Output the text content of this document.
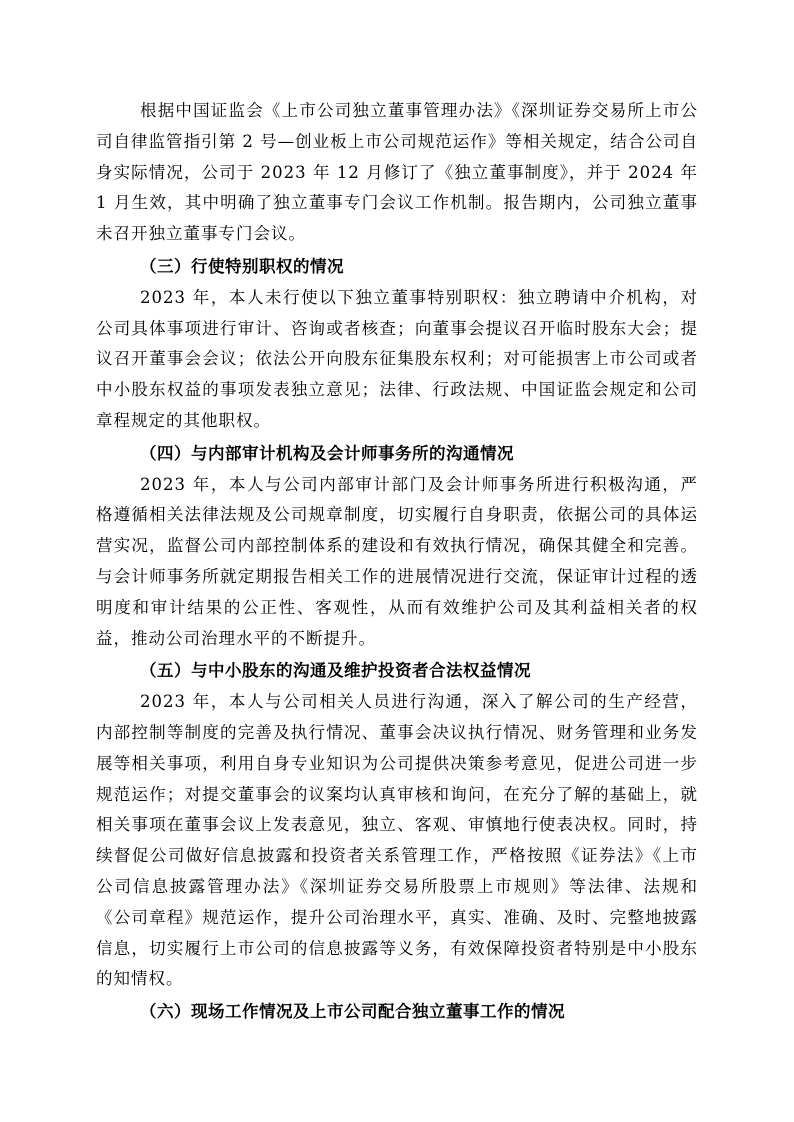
根据中国证监会《上市公司独立董事管理办法》《深圳证券交易所上市公司自律监管指引第 2 号—创业板上市公司规范运作》等相关规定，结合公司自身实际情况，公司于 2023 年 12 月修订了《独立董事制度》，并于 2024 年 1 月生效，其中明确了独立董事专门会议工作机制。报告期内，公司独立董事未召开独立董事专门会议。

（三）行使特别职权的情况

2023 年，本人未行使以下独立董事特别职权：独立聘请中介机构，对公司具体事项进行审计、咨询或者核查；向董事会提议召开临时股东大会；提议召开董事会会议；依法公开向股东征集股东权利；对可能损害上市公司或者中小股东权益的事项发表独立意见；法律、行政法规、中国证监会规定和公司章程规定的其他职权。

（四）与内部审计机构及会计师事务所的沟通情况

2023 年，本人与公司内部审计部门及会计师事务所进行积极沟通，严格遵循相关法律法规及公司规章制度，切实履行自身职责，依据公司的具体运营实况，监督公司内部控制体系的建设和有效执行情况，确保其健全和完善。与会计师事务所就定期报告相关工作的进展情况进行交流，保证审计过程的透明度和审计结果的公正性、客观性，从而有效维护公司及其利益相关者的权益，推动公司治理水平的不断提升。

（五）与中小股东的沟通及维护投资者合法权益情况

2023 年，本人与公司相关人员进行沟通，深入了解公司的生产经营，内部控制等制度的完善及执行情况、董事会决议执行情况、财务管理和业务发展等相关事项，利用自身专业知识为公司提供决策参考意见，促进公司进一步规范运作；对提交董事会的议案均认真审核和询问，在充分了解的基础上，就相关事项在董事会议上发表意见，独立、客观、审慎地行使表决权。同时，持续督促公司做好信息披露和投资者关系管理工作，严格按照《证券法》《上市公司信息披露管理办法》《深圳证券交易所股票上市规则》等法律、法规和《公司章程》规范运作，提升公司治理水平，真实、准确、及时、完整地披露信息，切实履行上市公司的信息披露等义务，有效保障投资者特别是中小股东的知情权。

（六）现场工作情况及上市公司配合独立董事工作的情况
